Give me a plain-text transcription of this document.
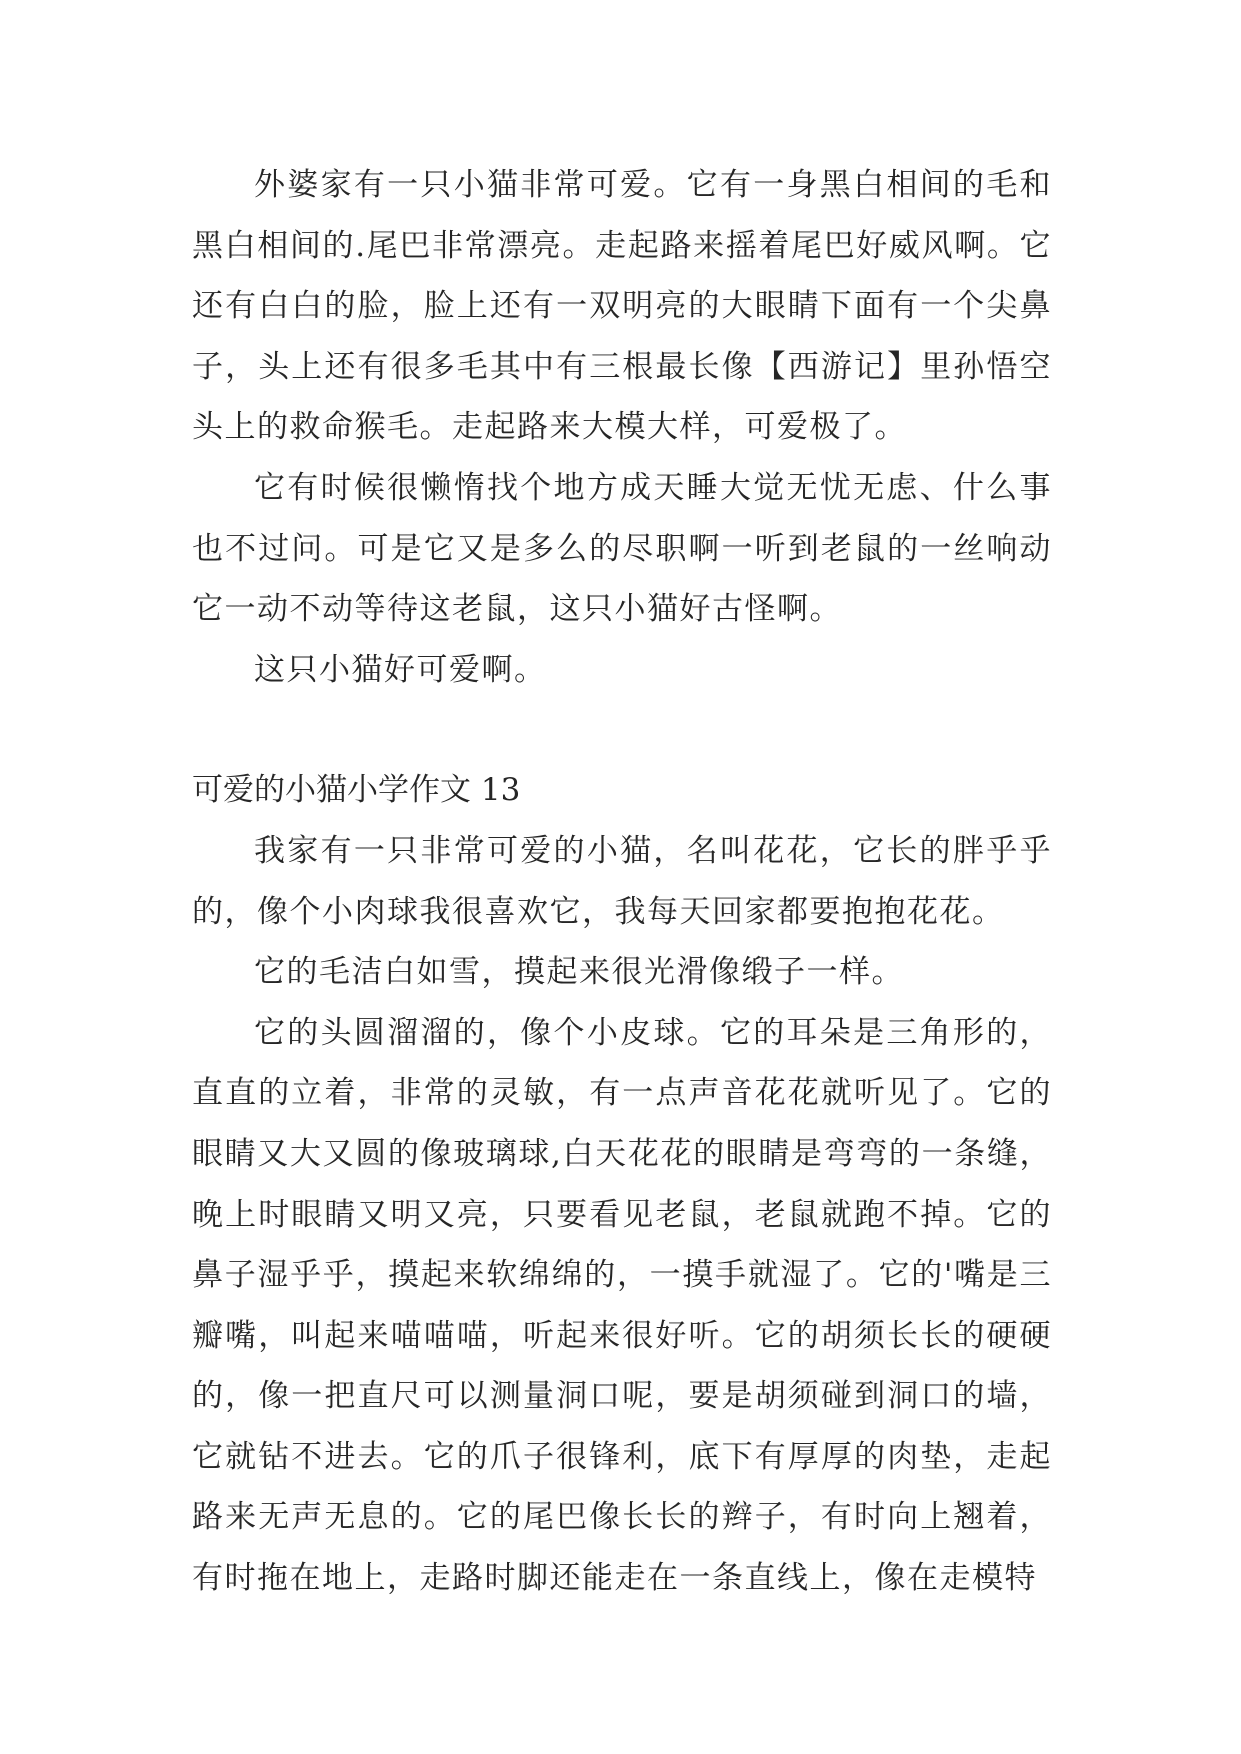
外婆家有一只小猫非常可爱。它有一身黑白相间的毛和黑白相间的.尾巴非常漂亮。走起路来摇着尾巴好威风啊。它还有白白的脸，脸上还有一双明亮的大眼睛下面有一个尖鼻子，头上还有很多毛其中有三根最长像【西游记】里孙悟空头上的救命猴毛。走起路来大模大样，可爱极了。

它有时候很懒惰找个地方成天睡大觉无忧无虑、什么事也不过问。可是它又是多么的尽职啊一听到老鼠的一丝响动它一动不动等待这老鼠，这只小猫好古怪啊。

这只小猫好可爱啊。

可爱的小猫小学作文 13

我家有一只非常可爱的小猫，名叫花花，它长的胖乎乎的，像个小肉球我很喜欢它，我每天回家都要抱抱花花。

它的毛洁白如雪，摸起来很光滑像缎子一样。

它的头圆溜溜的，像个小皮球。它的耳朵是三角形的，直直的立着，非常的灵敏，有一点声音花花就听见了。它的眼睛又大又圆的像玻璃球,白天花花的眼睛是弯弯的一条缝，晚上时眼睛又明又亮，只要看见老鼠，老鼠就跑不掉。它的鼻子湿乎乎，摸起来软绵绵的，一摸手就湿了。它的'嘴是三瓣嘴，叫起来喵喵喵，听起来很好听。它的胡须长长的硬硬的，像一把直尺可以测量洞口呢，要是胡须碰到洞口的墙，它就钻不进去。它的爪子很锋利，底下有厚厚的肉垫，走起路来无声无息的。它的尾巴像长长的辫子，有时向上翘着，有时拖在地上，走路时脚还能走在一条直线上，像在走模特
